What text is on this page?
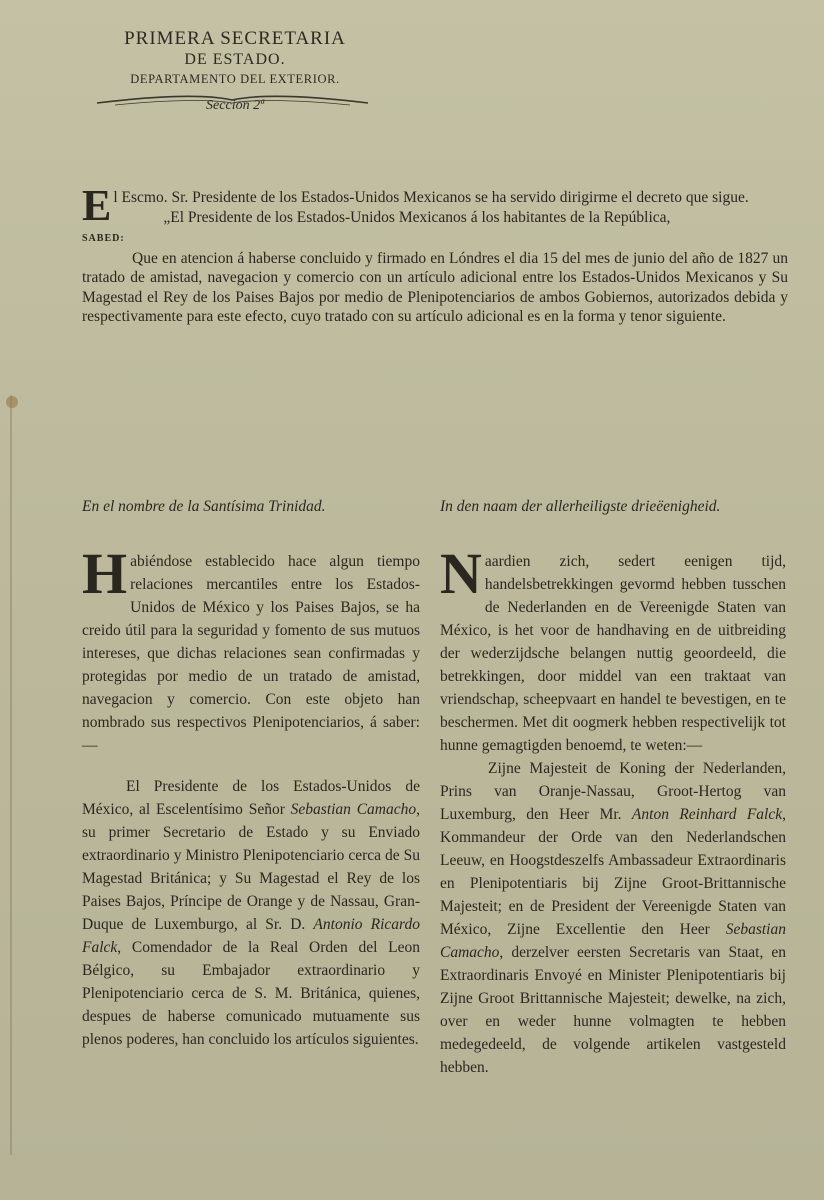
PRIMERA SECRETARIA
DE ESTADO.
DEPARTAMENTO DEL EXTERIOR.
Seccion 2ª

El Escmo. Sr. Presidente de los Estados-Unidos Mexicanos se ha servido dirigirme el decreto que sigue.

„El Presidente de los Estados-Unidos Mexicanos á los habitantes de la República,

SABED:

Que en atencion á haberse concluido y firmado en Lóndres el dia 15 del mes de junio del año de 1827 un tratado de amistad, navegacion y comercio con un artículo adicional entre los Estados-Unidos Mexicanos y Su Magestad el Rey de los Paises Bajos por medio de Plenipotenciarios de ambos Gobiernos, autorizados debida y respectivamente para este efecto, cuyo tratado con su artículo adicional es en la forma y tenor siguiente.

En el nombre de la Santísima Trinidad.

Habiéndose establecido hace algun tiempo relaciones mercantiles entre los Estados-Unidos de México y los Paises Bajos, se ha creido útil para la seguridad y fomento de sus mutuos intereses, que dichas relaciones sean confirmadas y protegidas por medio de un tratado de amistad, navegacion y comercio. Con este objeto han nombrado sus respectivos Plenipotenciarios, á saber:—

El Presidente de los Estados-Unidos de México, al Escelentísimo Señor Sebastian Camacho, su primer Secretario de Estado y su Enviado extraordinario y Ministro Plenipotenciario cerca de Su Magestad Británica; y Su Magestad el Rey de los Paises Bajos, Príncipe de Orange y de Nassau, Gran-Duque de Luxemburgo, al Sr. D. Antonio Ricardo Falck, Comendador de la Real Orden del Leon Bélgico, su Embajador extraordinario y Plenipotenciario cerca de S. M. Británica, quienes, despues de haberse comunicado mutuamente sus plenos poderes, han concluido los artículos siguientes.

In den naam der allerheiligste drieëenigheid.

Naardien zich, sedert eenigen tijd, handelsbetrekkingen gevormd hebben tusschen de Nederlanden en de Vereenigde Staten van México, is het voor de handhaving en de uitbreiding der wederzijdsche belangen nuttig geoordeeld, die betrekkingen, door middel van een traktaat van vriendschap, scheepvaart en handel te bevestigen, en te beschermen. Met dit oogmerk hebben respectivelijk tot hunne gemagtigden benoemd, te weten:—

Zijne Majesteit de Koning der Nederlanden, Prins van Oranje-Nassau, Groot-Hertog van Luxemburg, den Heer Mr. Anton Reinhard Falck, Kommandeur der Orde van den Nederlandschen Leeuw, en Hoogstdeszelfs Ambassadeur Extraordinaris en Plenipotentiaris bij Zijne Groot-Brittannische Majesteit; en de President der Vereenigde Staten van México, Zijne Excellentie den Heer Sebastian Camacho, derzelver eersten Secretaris van Staat, en Extraordinaris Envoyé en Minister Plenipotentiaris bij Zijne Groot Brittannische Majesteit; dewelke, na zich, over en weder hunne volmagten te hebben medegedeeld, de volgende artikelen vastgesteld hebben.
